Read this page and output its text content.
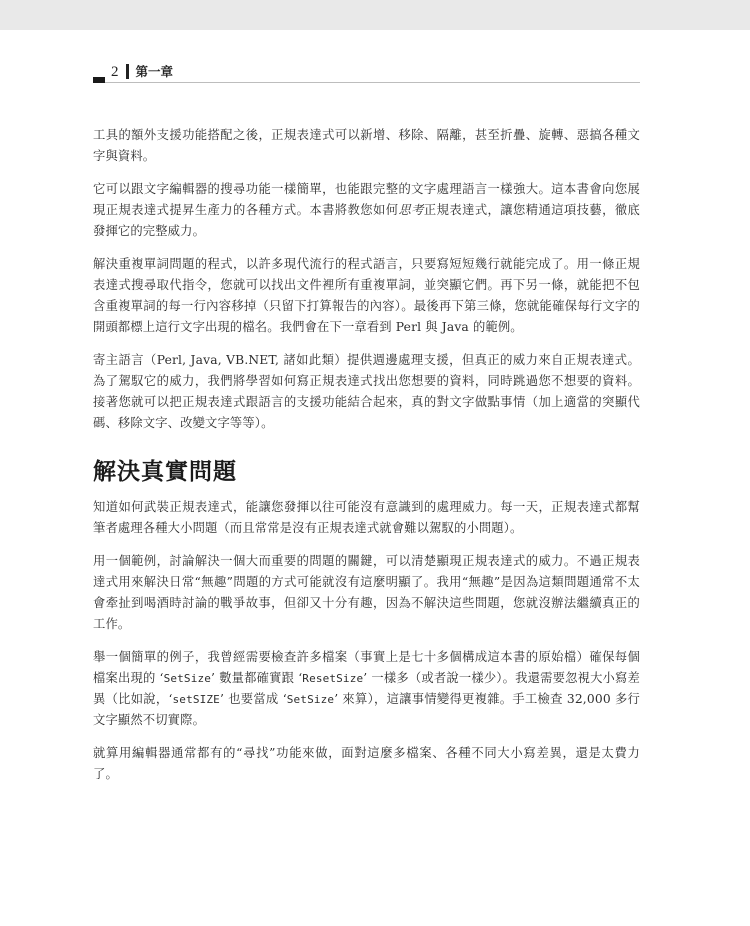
2 第一章

工具的額外支援功能搭配之後，正規表達式可以新增、移除、隔離，甚至折疊、旋轉、惡搞各種文字與資料。

它可以跟文字編輯器的搜尋功能一樣簡單，也能跟完整的文字處理語言一樣強大。這本書會向您展現正規表達式提昇生產力的各種方式。本書將教您如何思考正規表達式，讓您精通這項技藝，徹底發揮它的完整威力。

解決重複單詞問題的程式，以許多現代流行的程式語言，只要寫短短幾行就能完成了。用一條正規表達式搜尋取代指令，您就可以找出文件裡所有重複單詞，並突顯它們。再下另一條，就能把不包含重複單詞的每一行內容移掉（只留下打算報告的內容）。最後再下第三條，您就能確保每行文字的開頭都標上這行文字出現的檔名。我們會在下一章看到 Perl 與 Java 的範例。

寄主語言（Perl, Java, VB.NET, 諸如此類）提供週邊處理支援，但真正的威力來自正規表達式。為了駕馭它的威力，我們將學習如何寫正規表達式找出您想要的資料，同時跳過您不想要的資料。接著您就可以把正規表達式跟語言的支援功能結合起來，真的對文字做點事情（加上適當的突顯代碼、移除文字、改變文字等等）。

解決真實問題

知道如何武裝正規表達式，能讓您發揮以往可能沒有意識到的處理威力。每一天，正規表達式都幫筆者處理各種大小問題（而且常常是沒有正規表達式就會難以駕馭的小問題）。

用一個範例，討論解決一個大而重要的問題的關鍵，可以清楚顯現正規表達式的威力。不過正規表達式用來解決日常“無趣”問題的方式可能就沒有這麼明顯了。我用“無趣”是因為這類問題通常不太會牽扯到喝酒時討論的戰爭故事，但卻又十分有趣，因為不解決這些問題，您就沒辦法繼續真正的工作。

舉一個簡單的例子，我曾經需要檢查許多檔案（事實上是七十多個構成這本書的原始檔）確保每個檔案出現的 ‘SetSize’ 數量都確實跟 ‘ResetSize’ 一樣多（或者說一樣少）。我還需要忽視大小寫差異（比如說，‘setSIZE’ 也要當成 ‘SetSize’ 來算），這讓事情變得更複雜。手工檢查 32,000 多行文字顯然不切實際。

就算用編輯器通常都有的“尋找”功能來做，面對這麼多檔案、各種不同大小寫差異，還是太費力了。
